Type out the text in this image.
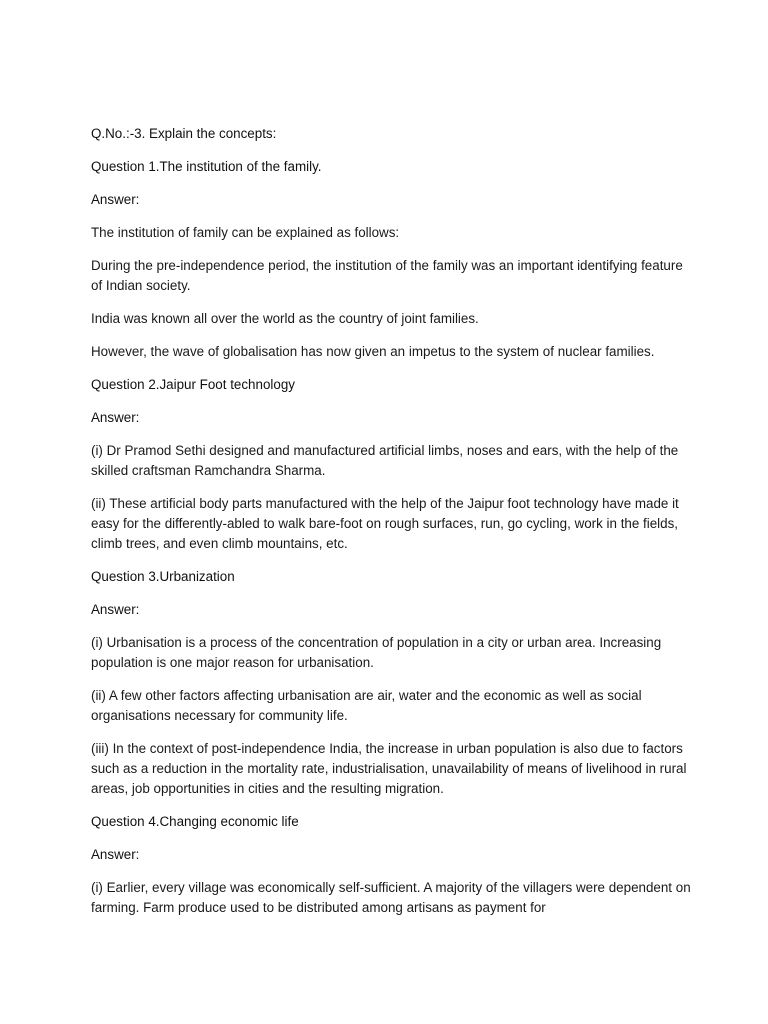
Q.No.:-3. Explain the concepts:

Question 1.The institution of the family.

Answer:

The institution of family can be explained as follows:

During the pre-independence period, the institution of the family was an important identifying feature of Indian society.

India was known all over the world as the country of joint families.

However, the wave of globalisation has now given an impetus to the system of nuclear families.

Question 2.Jaipur Foot technology

Answer:

(i) Dr Pramod Sethi designed and manufactured artificial limbs, noses and ears, with the help of the skilled craftsman Ramchandra Sharma.

(ii) These artificial body parts manufactured with the help of the Jaipur foot technology have made it easy for the differently-abled to walk bare-foot on rough surfaces, run, go cycling, work in the fields, climb trees, and even climb mountains, etc.

Question 3.Urbanization

Answer:

(i) Urbanisation is a process of the concentration of population in a city or urban area. Increasing population is one major reason for urbanisation.

(ii) A few other factors affecting urbanisation are air, water and the economic as well as social organisations necessary for community life.

(iii) In the context of post-independence India, the increase in urban population is also due to factors such as a reduction in the mortality rate, industrialisation, unavailability of means of livelihood in rural areas, job opportunities in cities and the resulting migration.

Question 4.Changing economic life

Answer:

(i) Earlier, every village was economically self-sufficient. A majority of the villagers were dependent on farming. Farm produce used to be distributed among artisans as payment for
